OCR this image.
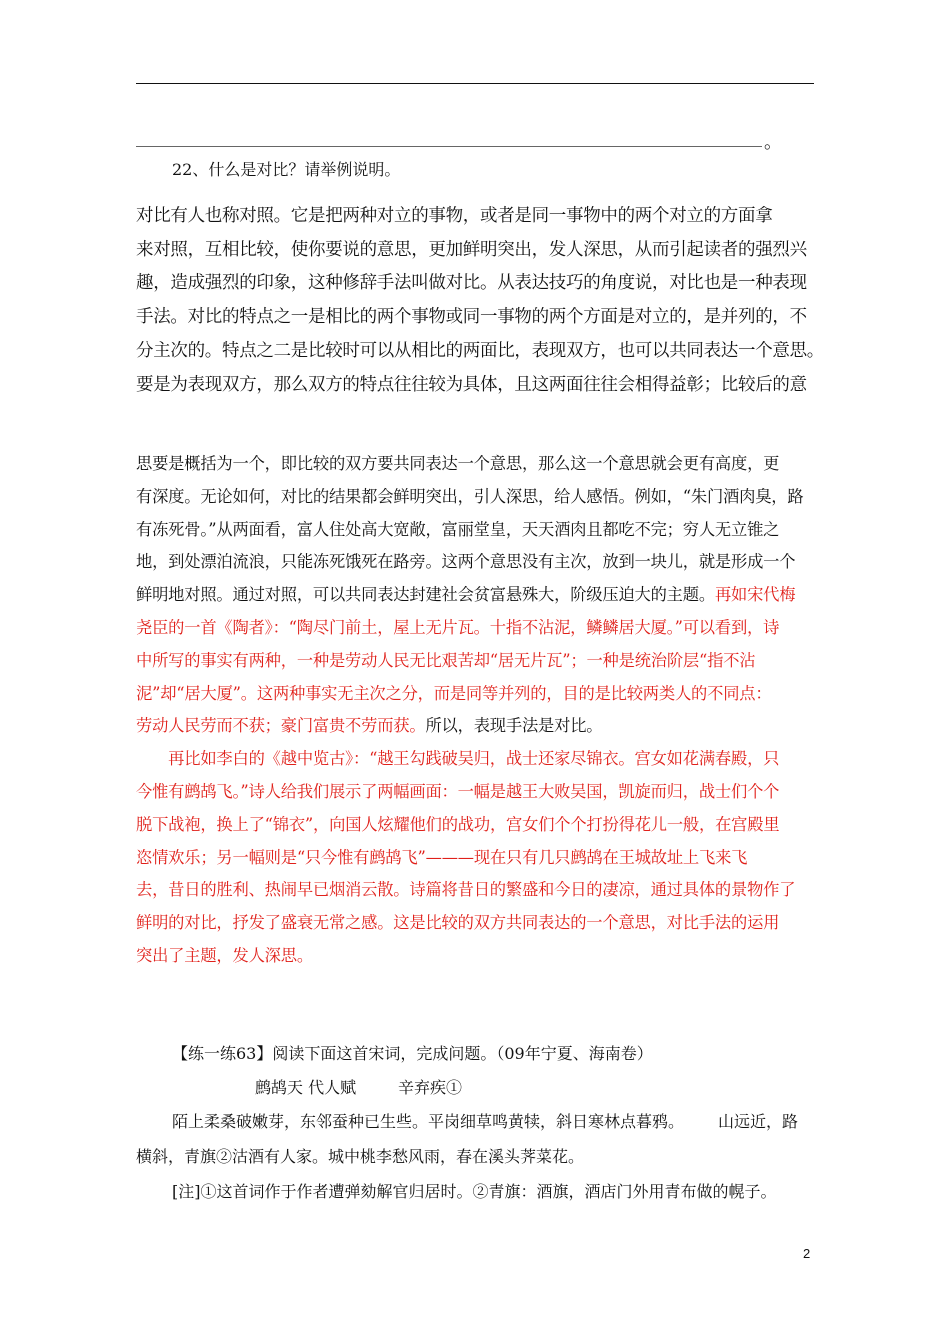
。
22、什么是对比？请举例说明。

对比有人也称对照。它是把两种对立的事物，或者是同一事物中的两个对立的方面拿

来对照，互相比较，使你要说的意思，更加鲜明突出，发人深思，从而引起读者的强烈兴

趣，造成强烈的印象，这种修辞手法叫做对比。从表达技巧的角度说，对比也是一种表现

手法。对比的特点之一是相比的两个事物或同一事物的两个方面是对立的，是并列的，不

分主次的。特点之二是比较时可以从相比的两面比，表现双方，也可以共同表达一个意思。

要是为表现双方，那么双方的特点往往较为具体，且这两面往往会相得益彰；比较后的意

思要是概括为一个，即比较的双方要共同表达一个意思，那么这一个意思就会更有高度，更

有深度。无论如何，对比的结果都会鲜明突出，引人深思，给人感悟。例如，“朱门酒肉臭，路

有冻死骨。”从两面看，富人住处高大宽敞，富丽堂皇，天天酒肉且都吃不完；穷人无立锥之

地，到处漂泊流浪，只能冻死饿死在路旁。这两个意思没有主次，放到一块儿，就是形成一个

鲜明地对照。通过对照，可以共同表达封建社会贫富悬殊大，阶级压迫大的主题。再如宋代梅

尧臣的一首《陶者》：“陶尽门前土，屋上无片瓦。十指不沾泥，鳞鳞居大厦。”可以看到，诗

中所写的事实有两种，一种是劳动人民无比艰苦却“居无片瓦”；一种是统治阶层“指不沾

泥”却“居大厦”。这两种事实无主次之分，而是同等并列的，目的是比较两类人的不同点：

劳动人民劳而不获；豪门富贵不劳而获。所以，表现手法是对比。

　　再比如李白的《越中览古》：“越王勾践破吴归，战士还家尽锦衣。宫女如花满春殿，只

今惟有鹧鸪飞。”诗人给我们展示了两幅画面：一幅是越王大败吴国，凯旋而归，战士们个个

脱下战袍，换上了“锦衣”，向国人炫耀他们的战功，宫女们个个打扮得花儿一般，在宫殿里

恣情欢乐；另一幅则是“只今惟有鹧鸪飞”———现在只有几只鹧鸪在王城故址上飞来飞

去，昔日的胜利、热闹早已烟消云散。诗篇将昔日的繁盛和今日的凄凉，通过具体的景物作了

鲜明的对比，抒发了盛衰无常之感。这是比较的双方共同表达的一个意思，对比手法的运用

突出了主题，发人深思。

【练一练63】阅读下面这首宋词，完成问题。（09年宁夏、海南卷）
鹧鸪天 代人赋	辛弃疾①
陌上柔桑破嫩芽，东邻蚕种已生些。平岗细草鸣黄犊，斜日寒林点暮鸦。 山远近，路
横斜，青旗②沽酒有人家。城中桃李愁风雨，春在溪头荠菜花。
[注]①这首词作于作者遭弹劾解官归居时。②青旗：酒旗，酒店门外用青布做的幌子。
2
